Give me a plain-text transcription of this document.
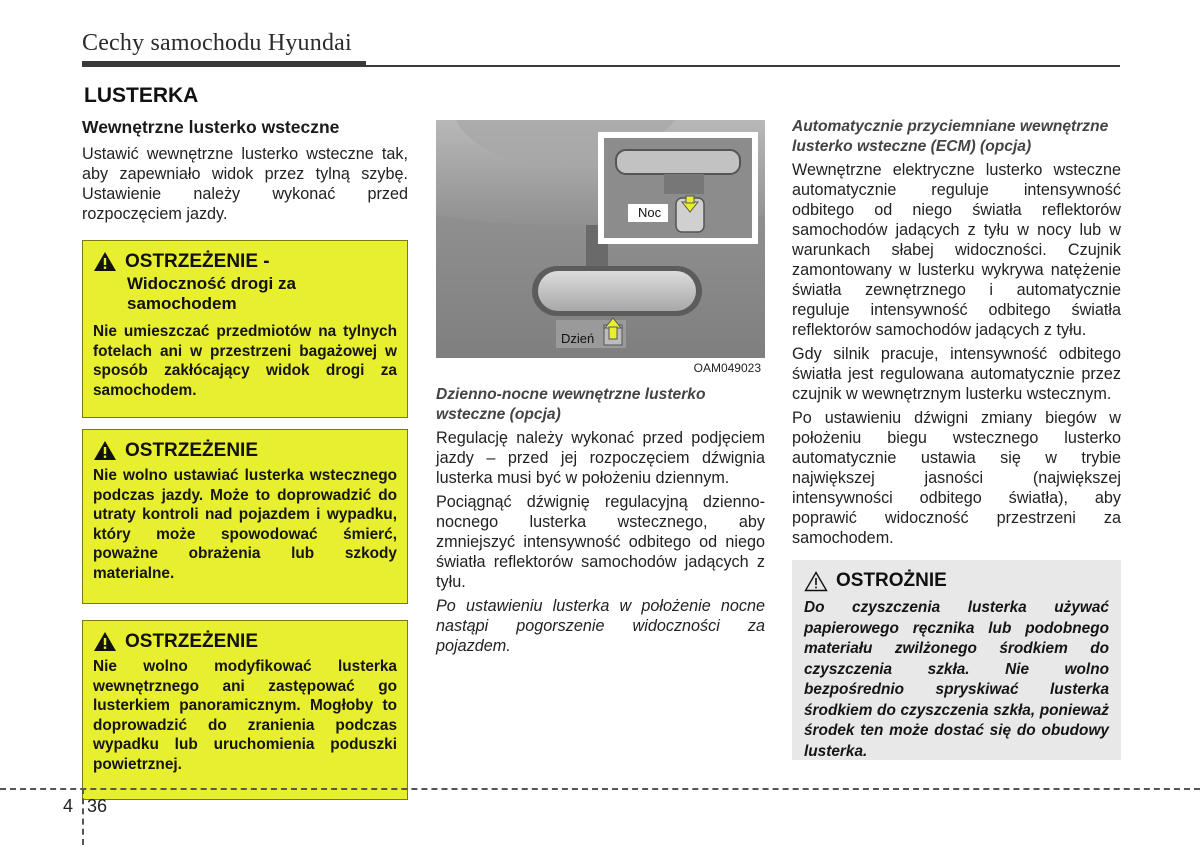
Cechy samochodu Hyundai
LUSTERKA
Wewnętrzne lusterko wsteczne
Ustawić wewnętrzne lusterko wsteczne tak, aby zapewniało widok przez tylną szybę. Ustawienie należy wykonać przed rozpoczęciem jazdy.
OSTRZEŻENIE -
Widoczność drogi za samochodem
Nie umieszczać przedmiotów na tylnych fotelach ani w przestrzeni bagażowej w sposób zakłócający widok drogi za samochodem.
OSTRZEŻENIE
Nie wolno ustawiać lusterka wstecznego podczas jazdy. Może to doprowadzić do utraty kontroli nad pojazdem i wypadku, który może spowodować śmierć, poważne obrażenia lub szkody materialne.
OSTRZEŻENIE
Nie wolno modyfikować lusterka wewnętrznego ani zastępować go lusterkiem panoramicznym. Mogłoby to doprowadzić do zranienia podczas wypadku lub uruchomienia poduszki powietrznej.
Noc
Dzień
OAM049023
Dzienno-nocne wewnętrzne lusterko wsteczne (opcja)
Regulację należy wykonać przed podjęciem jazdy – przed jej rozpoczęciem dźwignia lusterka musi być w położeniu dziennym.
Pociągnąć dźwignię regulacyjną dzienno-nocnego lusterka wstecznego, aby zmniejszyć intensywność odbitego od niego światła reflektorów samochodów jadących z tyłu.
Po ustawieniu lusterka w położenie nocne nastąpi pogorszenie widoczności za pojazdem.
Automatycznie przyciemniane wewnętrzne lusterko wsteczne (ECM) (opcja)
Wewnętrzne elektryczne lusterko wsteczne automatycznie reguluje intensywność odbitego od niego światła reflektorów samochodów jadących z tyłu w nocy lub w warunkach słabej widoczności. Czujnik zamontowany w lusterku wykrywa natężenie światła zewnętrznego i automatycznie reguluje intensywność odbitego światła reflektorów samochodów jadących z tyłu.
Gdy silnik pracuje, intensywność odbitego światła jest regulowana automatycznie przez czujnik w wewnętrznym lusterku wstecznym.
Po ustawieniu dźwigni zmiany biegów w położeniu biegu wstecznego lusterko automatycznie ustawia się w trybie największej jasności (największej intensywności odbitego światła), aby poprawić widoczność przestrzeni za samochodem.
OSTROŻNIE
Do czyszczenia lusterka używać papierowego ręcznika lub podobnego materiału zwilżonego środkiem do czyszczenia szkła. Nie wolno bezpośrednio spryskiwać lusterka środkiem do czyszczenia szkła, ponieważ środek ten może dostać się do obudowy lusterka.
4 36
